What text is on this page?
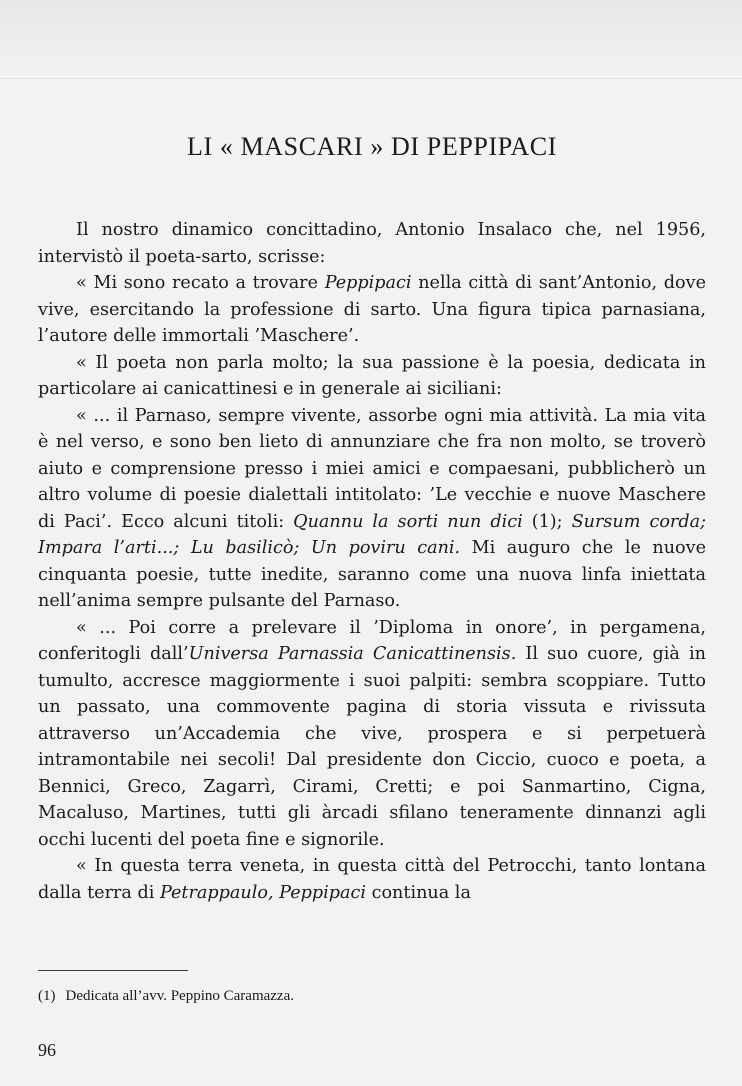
LI « MASCARI » DI PEPPIPACI

Il nostro dinamico concittadino, Antonio Insalaco che, nel 1956, intervistò il poeta-sarto, scrisse:

« Mi sono recato a trovare Peppipaci nella città di sant’Antonio, dove vive, esercitando la professione di sarto. Una figura tipica parnasiana, l’autore delle immortali ’Maschere’.

« Il poeta non parla molto; la sua passione è la poesia, dedicata in particolare ai canicattinesi e in generale ai siciliani:

« ... il Parnaso, sempre vivente, assorbe ogni mia attività. La mia vita è nel verso, e sono ben lieto di annunziare che fra non molto, se troverò aiuto e comprensione presso i miei amici e compaesani, pubblicherò un altro volume di poesie dialettali intitolato: ’Le vecchie e nuove Maschere di Paci’. Ecco alcuni titoli: Quannu la sorti nun dici (1); Sursum corda; Impara l’arti...; Lu basilicò; Un poviru cani. Mi auguro che le nuove cinquanta poesie, tutte inedite, saranno come una nuova linfa iniettata nell’anima sempre pulsante del Parnaso.

« ... Poi corre a prelevare il ’Diploma in onore’, in pergamena, conferitogli dall’Universa Parnassia Canicattinensis. Il suo cuore, già in tumulto, accresce maggiormente i suoi palpiti: sembra scoppiare. Tutto un passato, una commovente pagina di storia vissuta e rivissuta attraverso un’Accademia che vive, prospera e si perpetuerà intramontabile nei secoli! Dal presidente don Ciccio, cuoco e poeta, a Bennici, Greco, Zagarrì, Cirami, Cretti; e poi Sanmartino, Cigna, Macaluso, Martines, tutti gli àrcadi sfilano teneramente dinnanzi agli occhi lucenti del poeta fine e signorile.

« In questa terra veneta, in questa città del Petrocchi, tanto lontana dalla terra di Petrappaulo, Peppipaci continua la

(1) Dedicata all’avv. Peppino Caramazza.

96
